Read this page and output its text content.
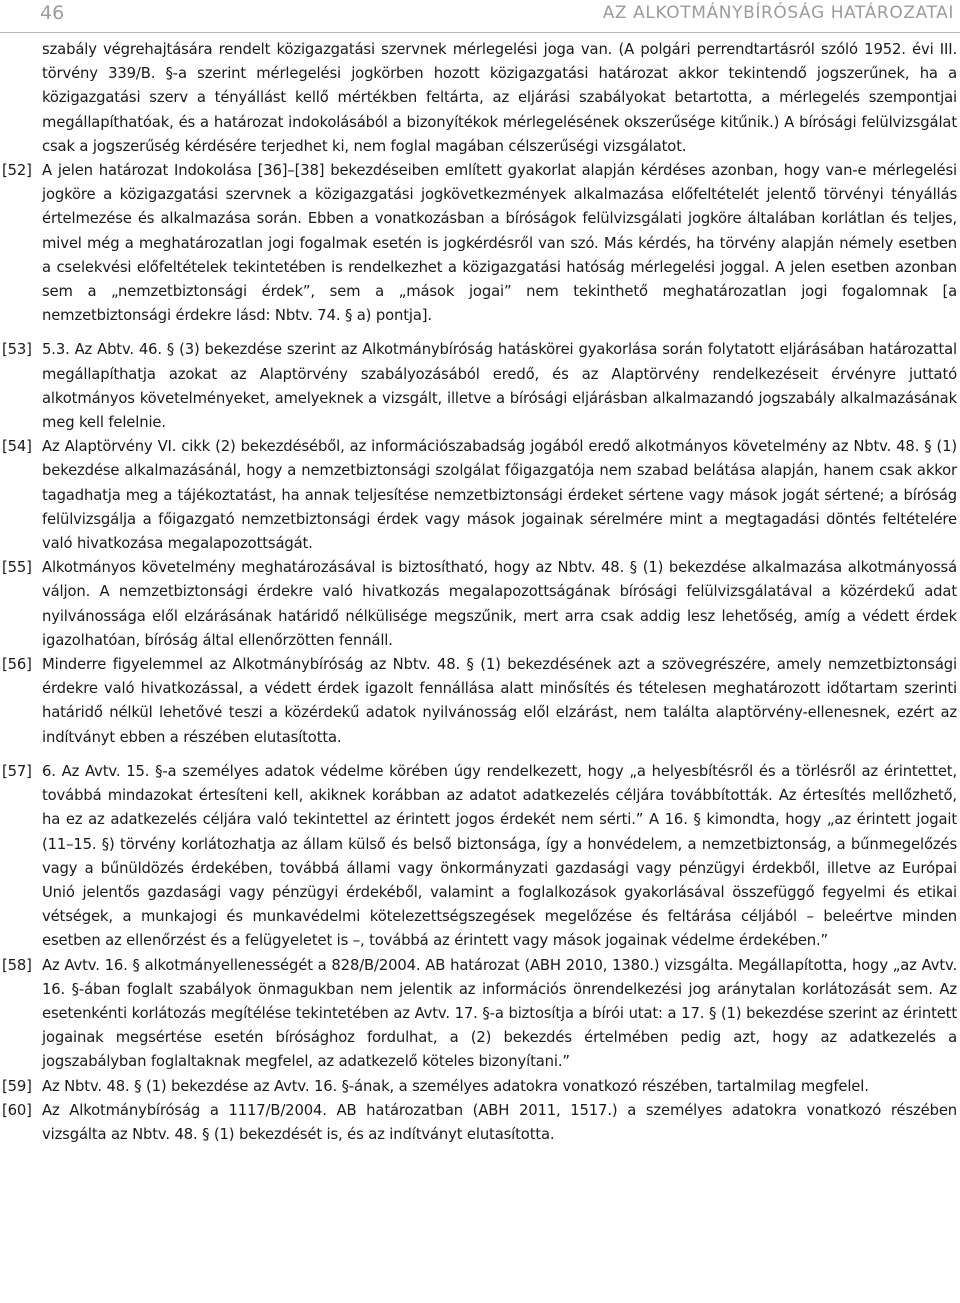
46	AZ ALKOTMÁNYBÍRÓSÁG HATÁROZATAI

szabály végrehajtására rendelt közigazgatási szervnek mérlegelési joga van. (A polgári perrendtartásról szóló 1952. évi III. törvény 339/B. §-a szerint mérlegelési jogkörben hozott közigazgatási határozat akkor tekintendő jogszerűnek, ha a közigazgatási szerv a tényállást kellő mértékben feltárta, az eljárási szabályokat betartotta, a mérlegelés szempontjai megállapíthatóak, és a határozat indokolásából a bizonyítékok mérlegelésének okszerűsége kitűnik.) A bírósági felülvizsgálat csak a jogszerűség kérdésére terjedhet ki, nem foglal magában célszerűségi vizsgálatot.

[52] A jelen határozat Indokolása [36]–[38] bekezdéseiben említett gyakorlat alapján kérdéses azonban, hogy van-e mérlegelési jogköre a közigazgatási szervnek a közigazgatási jogkövetkezmények alkalmazása előfeltételét jelentő törvényi tényállás értelmezése és alkalmazása során. Ebben a vonatkozásban a bíróságok felülvizsgálati jogköre általában korlátlan és teljes, mivel még a meghatározatlan jogi fogalmak esetén is jogkérdésről van szó. Más kérdés, ha törvény alapján némely esetben a cselekvési előfeltételek tekintetében is rendelkezhet a közigazgatási hatóság mérlegelési joggal. A jelen esetben azonban sem a „nemzetbiztonsági érdek”, sem a „mások jogai” nem tekinthető meghatározatlan jogi fogalomnak [a nemzetbiztonsági érdekre lásd: Nbtv. 74. § a) pontja].

[53] 5.3. Az Abtv. 46. § (3) bekezdése szerint az Alkotmánybíróság hatáskörei gyakorlása során folytatott eljárásában határozattal megállapíthatja azokat az Alaptörvény szabályozásából eredő, és az Alaptörvény rendelkezéseit érvényre juttató alkotmányos követelményeket, amelyeknek a vizsgált, illetve a bírósági eljárásban alkalmazandó jogszabály alkalmazásának meg kell felelnie.

[54] Az Alaptörvény VI. cikk (2) bekezdéséből, az információszabadság jogából eredő alkotmányos követelmény az Nbtv. 48. § (1) bekezdése alkalmazásánál, hogy a nemzetbiztonsági szolgálat főigazgatója nem szabad belátása alapján, hanem csak akkor tagadhatja meg a tájékoztatást, ha annak teljesítése nemzetbiztonsági érdeket sértene vagy mások jogát sértené; a bíróság felülvizsgálja a főigazgató nemzetbiztonsági érdek vagy mások jogainak sérelmére mint a megtagadási döntés feltételére való hivatkozása megalapozottságát.

[55] Alkotmányos követelmény meghatározásával is biztosítható, hogy az Nbtv. 48. § (1) bekezdése alkalmazása alkotmányossá váljon. A nemzetbiztonsági érdekre való hivatkozás megalapozottságának bírósági felülvizsgálatával a közérdekű adat nyilvánossága elől elzárásának határidő nélkülisége megszűnik, mert arra csak addig lesz lehetőség, amíg a védett érdek igazolhatóan, bíróság által ellenőrzötten fennáll.

[56] Minderre figyelemmel az Alkotmánybíróság az Nbtv. 48. § (1) bekezdésének azt a szövegrészére, amely nemzetbiztonsági érdekre való hivatkozással, a védett érdek igazolt fennállása alatt minősítés és tételesen meghatározott időtartam szerinti határidő nélkül lehetővé teszi a közérdekű adatok nyilvánosság elől elzárást, nem találta alaptörvény-ellenesnek, ezért az indítványt ebben a részében elutasította.

[57] 6. Az Avtv. 15. §-a személyes adatok védelme körében úgy rendelkezett, hogy „a helyesbítésről és a törlésről az érintettet, továbbá mindazokat értesíteni kell, akiknek korábban az adatot adatkezelés céljára továbbították. Az értesítés mellőzhető, ha ez az adatkezelés céljára való tekintettel az érintett jogos érdekét nem sérti.” A 16. § kimondta, hogy „az érintett jogait (11–15. §) törvény korlátozhatja az állam külső és belső biztonsága, így a honvédelem, a nemzetbiztonság, a bűnmegelőzés vagy a bűnüldözés érdekében, továbbá állami vagy önkormányzati gazdasági vagy pénzügyi érdekből, illetve az Európai Unió jelentős gazdasági vagy pénzügyi érdekéből, valamint a foglalkozások gyakorlásával összefüggő fegyelmi és etikai vétségek, a munkajogi és munkavédelmi kötelezettségszegések megelőzése és feltárása céljából – beleértve minden esetben az ellenőrzést és a felügyeletet is –, továbbá az érintett vagy mások jogainak védelme érdekében.”

[58] Az Avtv. 16. § alkotmányellenességét a 828/B/2004. AB határozat (ABH 2010, 1380.) vizsgálta. Megállapította, hogy „az Avtv. 16. §-ában foglalt szabályok önmagukban nem jelentik az információs önrendelkezési jog aránytalan korlátozását sem. Az esetenkénti korlátozás megítélése tekintetében az Avtv. 17. §-a biztosítja a bírói utat: a 17. § (1) bekezdése szerint az érintett jogainak megsértése esetén bírósághoz fordulhat, a (2) bekezdés értelmében pedig azt, hogy az adatkezelés a jogszabályban foglaltaknak megfelel, az adatkezelő köteles bizonyítani.”

[59] Az Nbtv. 48. § (1) bekezdése az Avtv. 16. §-ának, a személyes adatokra vonatkozó részében, tartalmilag megfelel.

[60] Az Alkotmánybíróság a 1117/B/2004. AB határozatban (ABH 2011, 1517.) a személyes adatokra vonatkozó részében vizsgálta az Nbtv. 48. § (1) bekezdését is, és az indítványt elutasította.
